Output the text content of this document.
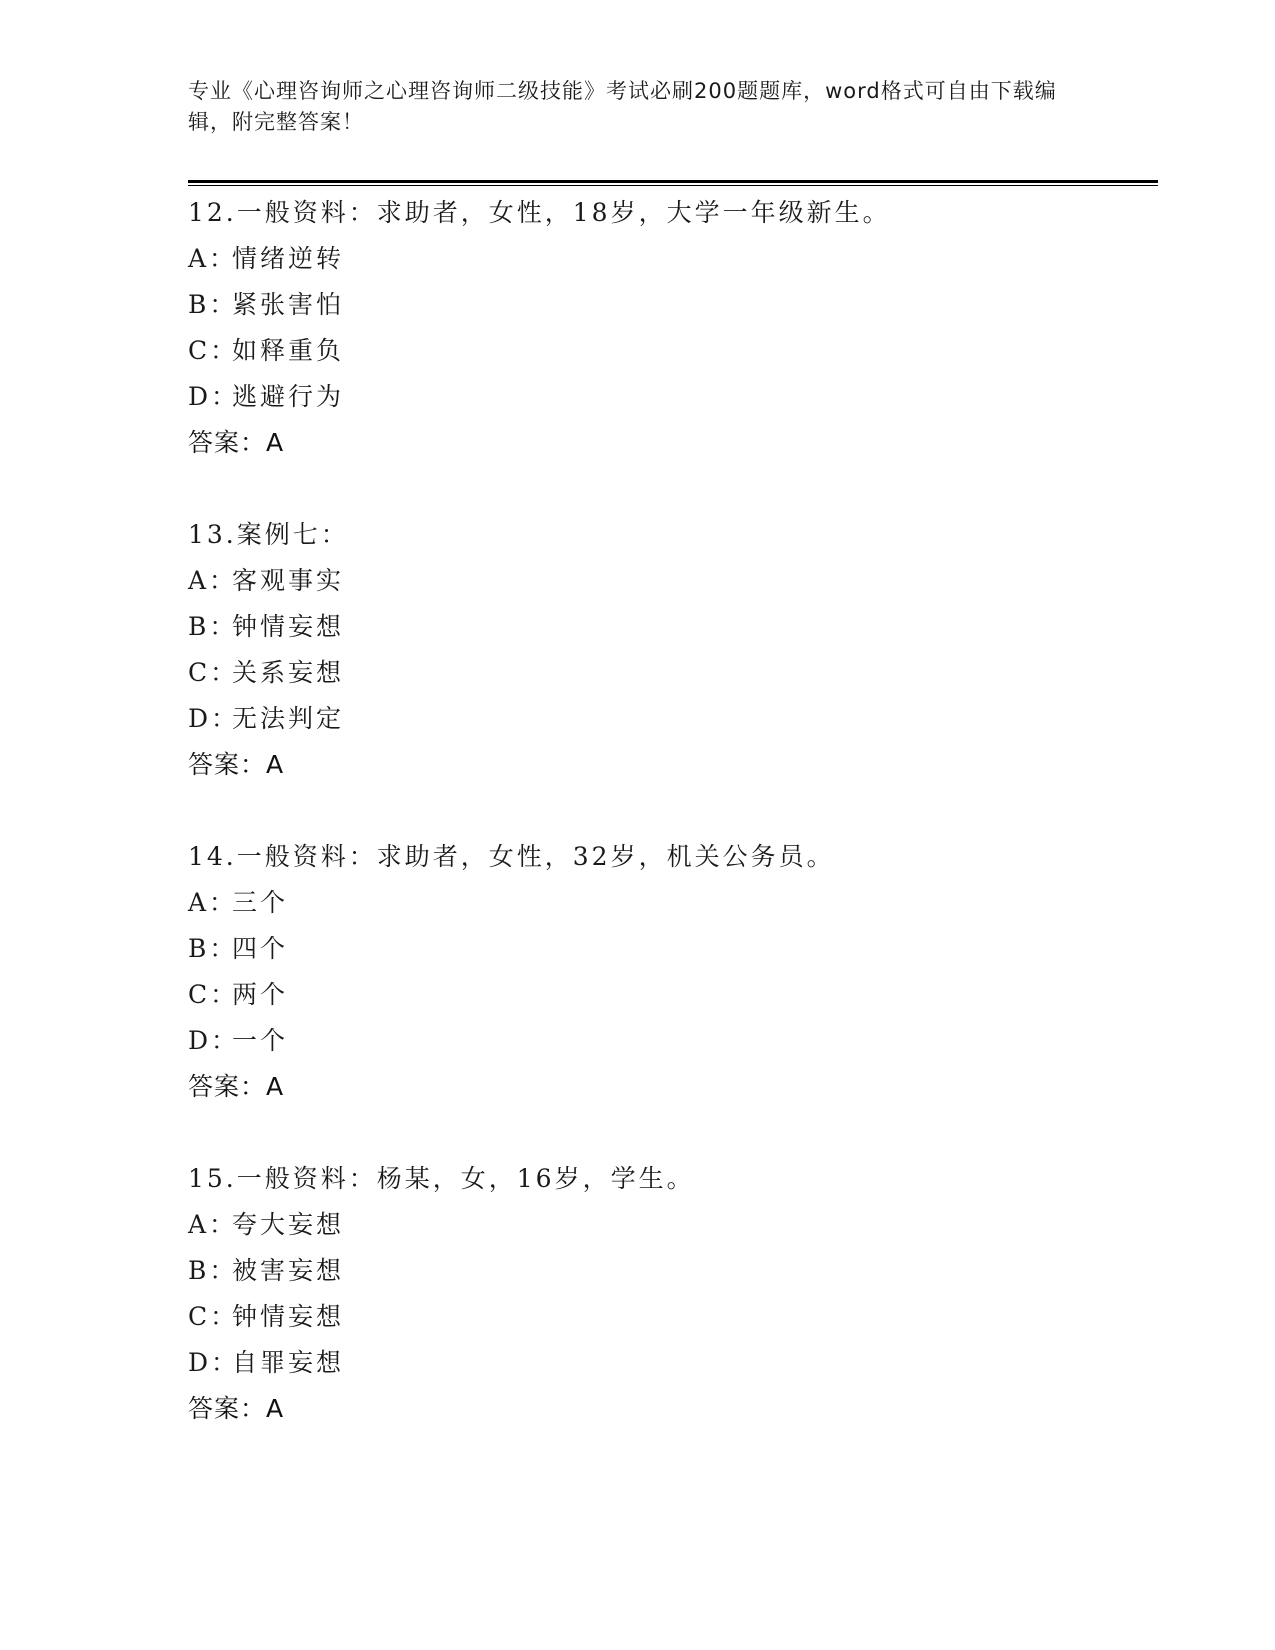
专业《心理咨询师之心理咨询师二级技能》考试必刷200题题库，word格式可自由下载编辑，附完整答案！
12.一般资料：求助者，女性，18岁，大学一年级新生。
A：情绪逆转
B：紧张害怕
C：如释重负
D：逃避行为
答案：A
13.案例七：
A：客观事实
B：钟情妄想
C：关系妄想
D：无法判定
答案：A
14.一般资料：求助者，女性，32岁，机关公务员。
A：三个
B：四个
C：两个
D：一个
答案：A
15.一般资料：杨某，女，16岁，学生。
A：夸大妄想
B：被害妄想
C：钟情妄想
D：自罪妄想
答案：A
